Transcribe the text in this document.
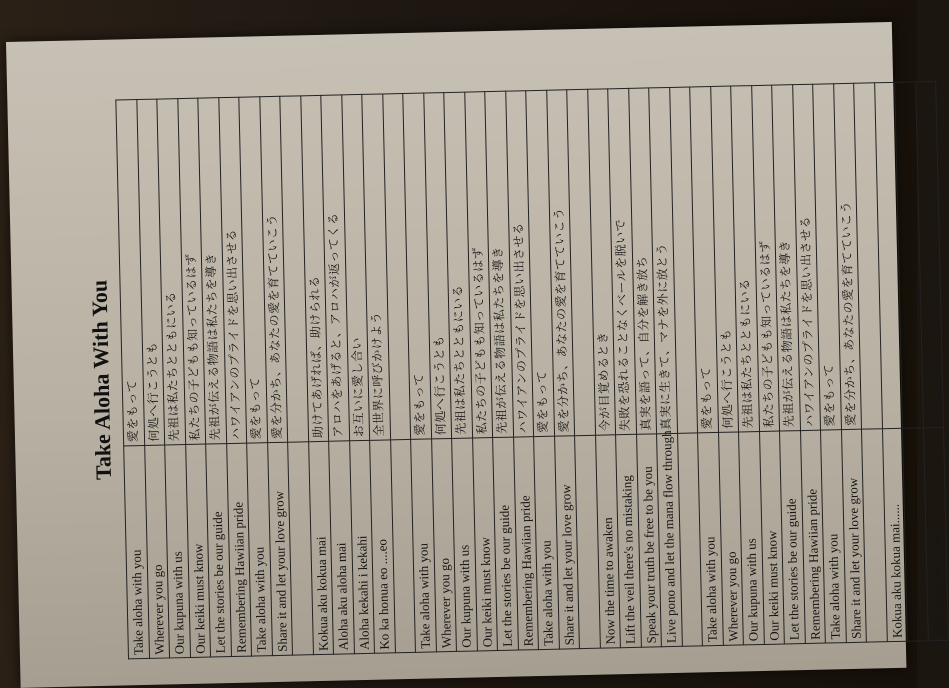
Take Aloha With You
Take aloha with you	愛をもって
Wherever you go	何処へ行こうとも
Our kupuna with us	先祖は私たちとともにいる
Our keiki must know	私たちの子どもも知っているはず
Let the stories be our guide	先祖が伝える物語は私たちを導き
Remembering Hawiian pride	ハワイアンのプライドを思い出させる
Take aloha with you	愛をもって
Share it and let your love grow	愛を分かち、あなたの愛を育てていこう

Kokua aku kokua mai	助けてあげれば、助けられる
Aloha aku aloha mai	アロハをあげると、アロハが返ってくる
Aloha kekahi i kekahi	お互いに愛し合い
Ko ka honua eo ....eo	全世界に呼びかけよう

Take aloha with you	愛をもって
Wherever you go	何処へ行こうとも
Our kupuna with us	先祖は私たちとともにいる
Our keiki must know	私たちの子どもも知っているはず
Let the stories be our guide	先祖が伝える物語は私たちを導き
Remembering Hawiian pride	ハワイアンのプライドを思い出させる
Take aloha with you	愛をもって
Share it and let your love grow	愛を分かち、あなたの愛を育てていこう

Now the time to awaken	今が目覚めるとき
Lift the veil there's no mistaking	失敗を恐れることなくベールを脱いで
Speak your truth be free to be you	真実を語って、自分を解き放ち
Live pono and let the mana flow through	真実に生きて、マナを外に放とう

Take aloha with you	愛をもって
Wherever you go	何処へ行こうとも
Our kupuna with us	先祖は私たちとともにいる
Our keiki must know	私たちの子どもも知っているはず
Let the stories be our guide	先祖が伝える物語は私たちを導き
Remembering Hawiian pride	ハワイアンのプライドを思い出させる
Take aloha with you	愛をもって
Share it and let your love grow	愛を分かち、あなたの愛を育てていこう

Kokua aku kokua mai......	

Take aloha with you ........	
